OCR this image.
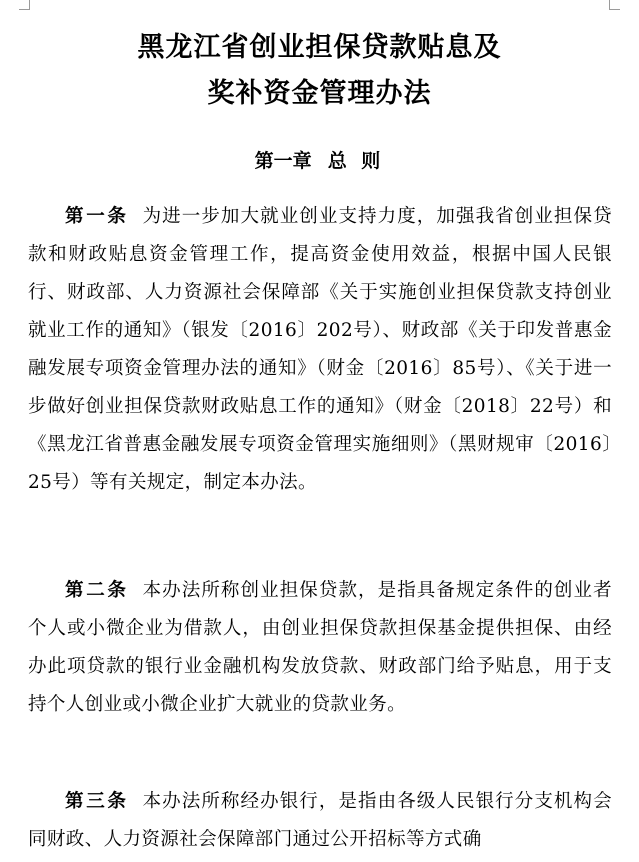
黑龙江省创业担保贷款贴息及
奖补资金管理办法
第一章 总 则

第一条 为进一步加大就业创业支持力度，加强我省创业担保贷款和财政贴息资金管理工作，提高资金使用效益，根据中国人民银行、财政部、人力资源社会保障部《关于实施创业担保贷款支持创业就业工作的通知》（银发〔2016〕202号）、财政部《关于印发普惠金融发展专项资金管理办法的通知》（财金〔2016〕85号）、《关于进一步做好创业担保贷款财政贴息工作的通知》（财金〔2018〕22号）和《黑龙江省普惠金融发展专项资金管理实施细则》（黑财规审〔2016〕25号）等有关规定，制定本办法。

第二条 本办法所称创业担保贷款，是指具备规定条件的创业者个人或小微企业为借款人，由创业担保贷款担保基金提供担保、由经办此项贷款的银行业金融机构发放贷款、财政部门给予贴息，用于支持个人创业或小微企业扩大就业的贷款业务。

第三条 本办法所称经办银行，是指由各级人民银行分支机构会同财政、人力资源社会保障部门通过公开招标等方式确
